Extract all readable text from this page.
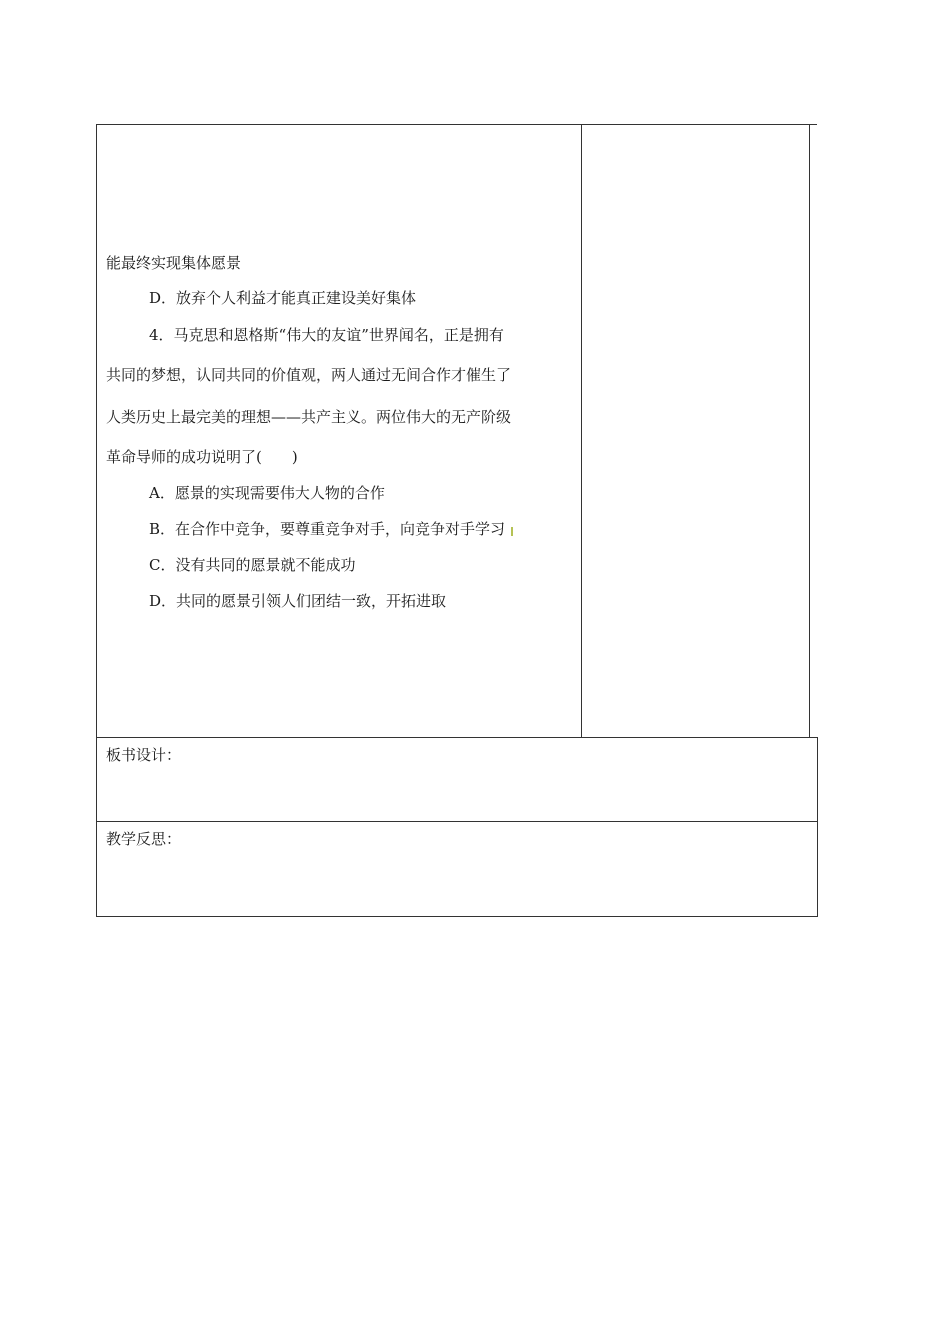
能最终实现集体愿景
D．放弃个人利益才能真正建设美好集体
4．马克思和恩格斯“伟大的友谊”世界闻名，正是拥有
共同的梦想，认同共同的价值观，两人通过无间合作才催生了
人类历史上最完美的理想——共产主义。两位伟大的无产阶级
革命导师的成功说明了(　　)
A．愿景的实现需要伟大人物的合作
B．在合作中竞争，要尊重竞争对手，向竞争对手学习
C．没有共同的愿景就不能成功
D．共同的愿景引领人们团结一致，开拓进取
板书设计：
教学反思：
